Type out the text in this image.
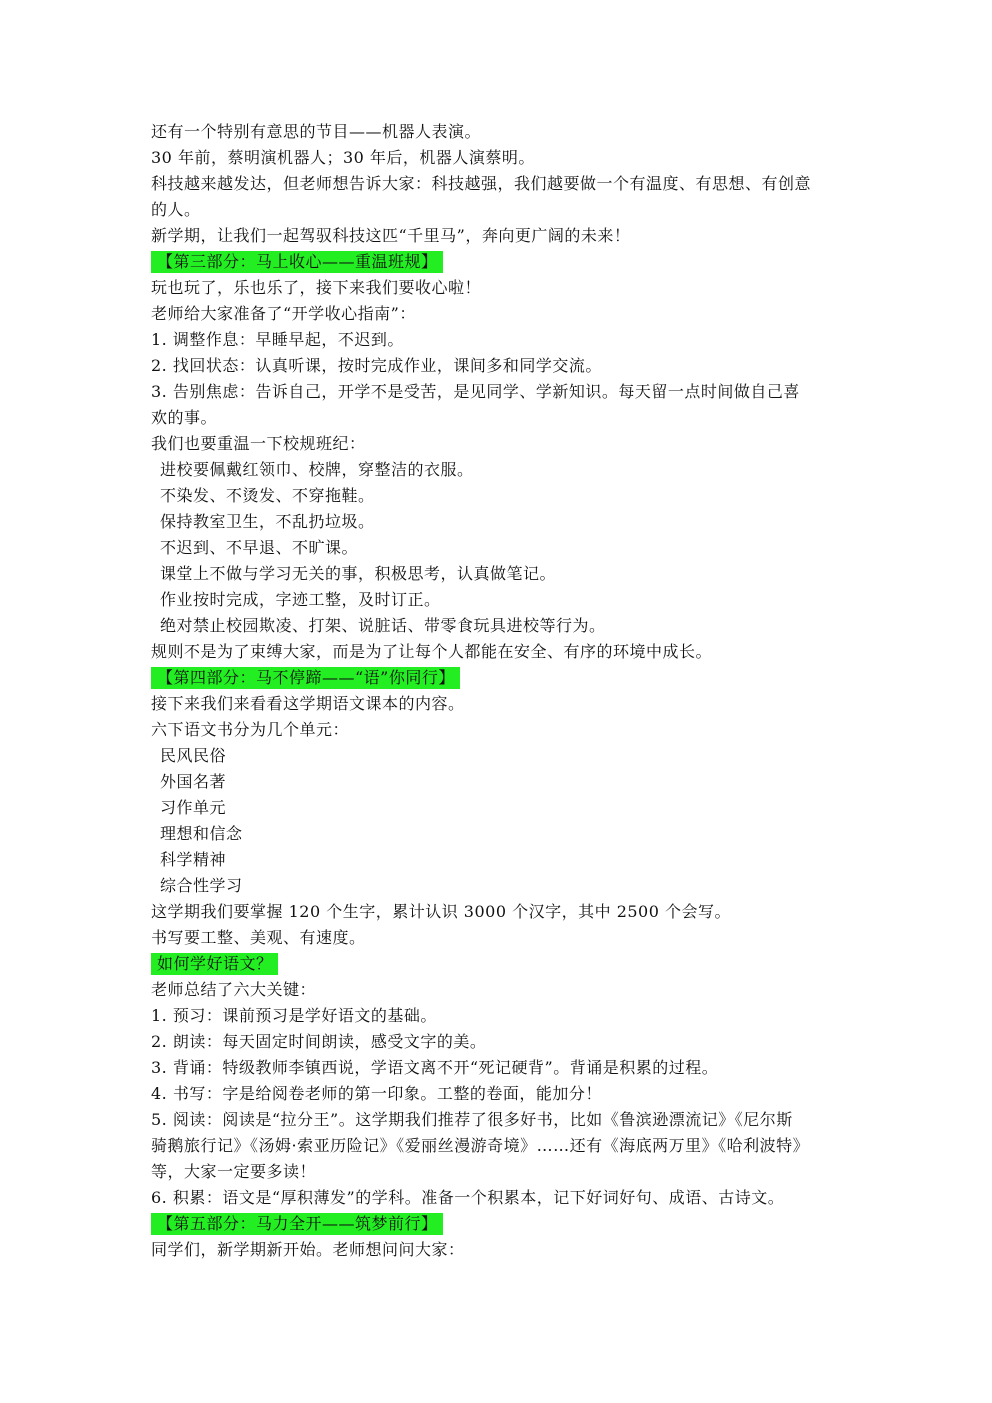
还有一个特别有意思的节目——机器人表演。
30 年前，蔡明演机器人；30 年后，机器人演蔡明。
科技越来越发达，但老师想告诉大家：科技越强，我们越要做一个有温度、有思想、有创意
的人。
新学期，让我们一起驾驭科技这匹“千里马”，奔向更广阔的未来！
【第三部分：马上收心——重温班规】
玩也玩了，乐也乐了，接下来我们要收心啦！
老师给大家准备了“开学收心指南”：
1. 调整作息：早睡早起，不迟到。
2. 找回状态：认真听课，按时完成作业，课间多和同学交流。
3. 告别焦虑：告诉自己，开学不是受苦，是见同学、学新知识。每天留一点时间做自己喜
欢的事。
我们也要重温一下校规班纪：
进校要佩戴红领巾、校牌，穿整洁的衣服。
不染发、不烫发、不穿拖鞋。
保持教室卫生，不乱扔垃圾。
不迟到、不早退、不旷课。
课堂上不做与学习无关的事，积极思考，认真做笔记。
作业按时完成，字迹工整，及时订正。
绝对禁止校园欺凌、打架、说脏话、带零食玩具进校等行为。
规则不是为了束缚大家，而是为了让每个人都能在安全、有序的环境中成长。
【第四部分：马不停蹄——“语”你同行】
接下来我们来看看这学期语文课本的内容。
六下语文书分为几个单元：
民风民俗
外国名著
习作单元
理想和信念
科学精神
综合性学习
这学期我们要掌握 120 个生字，累计认识 3000 个汉字，其中 2500 个会写。
书写要工整、美观、有速度。
如何学好语文？
老师总结了六大关键：
1. 预习：课前预习是学好语文的基础。
2. 朗读：每天固定时间朗读，感受文字的美。
3. 背诵：特级教师李镇西说，学语文离不开“死记硬背”。背诵是积累的过程。
4. 书写：字是给阅卷老师的第一印象。工整的卷面，能加分！
5. 阅读：阅读是“拉分王”。这学期我们推荐了很多好书，比如《鲁滨逊漂流记》《尼尔斯
骑鹅旅行记》《汤姆·索亚历险记》《爱丽丝漫游奇境》……还有《海底两万里》《哈利波特》
等，大家一定要多读！
6. 积累：语文是“厚积薄发”的学科。准备一个积累本，记下好词好句、成语、古诗文。
【第五部分：马力全开——筑梦前行】
同学们，新学期新开始。老师想问问大家：
